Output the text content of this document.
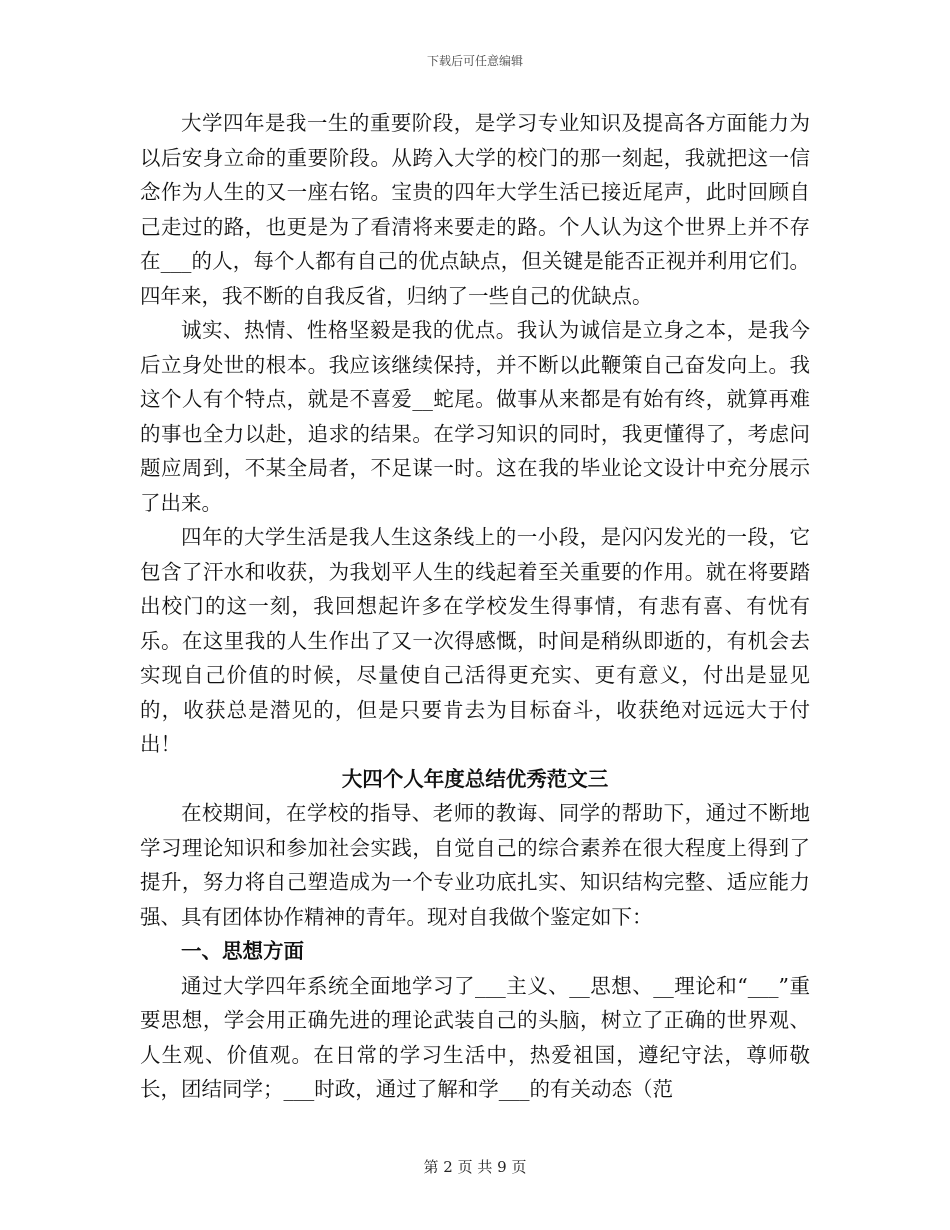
下载后可任意编辑

大学四年是我一生的重要阶段，是学习专业知识及提高各方面能力为以后安身立命的重要阶段。从跨入大学的校门的那一刻起，我就把这一信念作为人生的又一座右铭。宝贵的四年大学生活已接近尾声，此时回顾自己走过的路，也更是为了看清将来要走的路。个人认为这个世界上并不存在___的人，每个人都有自己的优点缺点，但关键是能否正视并利用它们。四年来，我不断的自我反省，归纳了一些自己的优缺点。

诚实、热情、性格坚毅是我的优点。我认为诚信是立身之本，是我今后立身处世的根本。我应该继续保持，并不断以此鞭策自己奋发向上。我这个人有个特点，就是不喜爱__蛇尾。做事从来都是有始有终，就算再难的事也全力以赴，追求的结果。在学习知识的同时，我更懂得了，考虑问题应周到，不某全局者，不足谋一时。这在我的毕业论文设计中充分展示了出来。

四年的大学生活是我人生这条线上的一小段，是闪闪发光的一段，它包含了汗水和收获，为我划平人生的线起着至关重要的作用。就在将要踏出校门的这一刻，我回想起许多在学校发生得事情，有悲有喜、有忧有乐。在这里我的人生作出了又一次得感慨，时间是稍纵即逝的，有机会去实现自己价值的时候，尽量使自己活得更充实、更有意义，付出是显见的，收获总是潜见的，但是只要肯去为目标奋斗，收获绝对远远大于付出！

大四个人年度总结优秀范文三

在校期间，在学校的指导、老师的教诲、同学的帮助下，通过不断地学习理论知识和参加社会实践，自觉自己的综合素养在很大程度上得到了提升，努力将自己塑造成为一个专业功底扎实、知识结构完整、适应能力强、具有团体协作精神的青年。现对自我做个鉴定如下：

一、思想方面

通过大学四年系统全面地学习了___主义、__思想、__理论和“___”重要思想，学会用正确先进的理论武装自己的头脑，树立了正确的世界观、人生观、价值观。在日常的学习生活中，热爱祖国，遵纪守法，尊师敬长，团结同学；___时政，通过了解和学___的有关动态（范

第 2 页 共 9 页
